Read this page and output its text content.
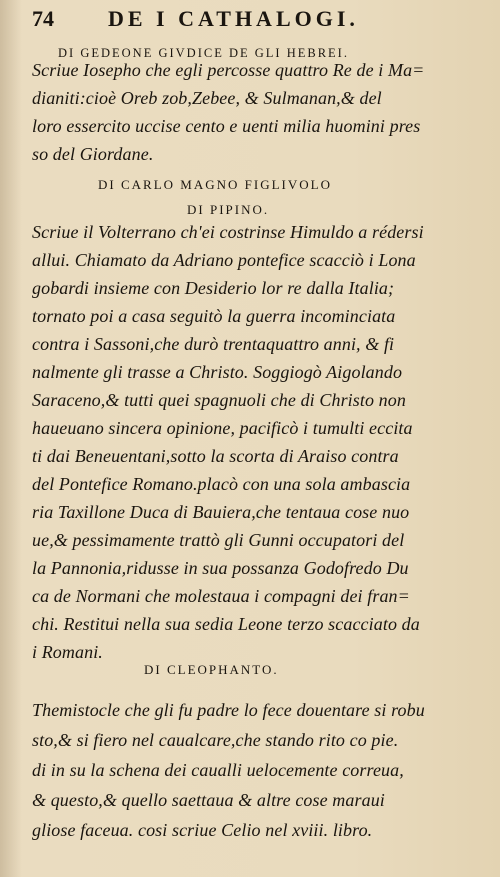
74 DE I CATHALOGI.
DI GEDEONE GIVDICE DE GLI HEBREI.
Scriue Iosepho che egli percosse quattro Re de i Ma=
dianiti:cioè Oreb zob,Zebee, & Sulmanan,& del
loro essercito uccise cento e uenti milia huomini pres
so del Giordane.
DI CARLO MAGNO FIGLIVOLO
DI PIPINO.
Scriue il Volterrano ch'ei costrinse Himuldo a rédersi
allui. Chiamato da Adriano pontefice scacciò i Lona
gobardi insieme con Desiderio lor re dalla Italia;
tornato poi a casa seguitò la guerra incominciata
contra i Sassoni,che durò trentaquattro anni, & fi
nalmente gli trasse a Christo. Soggiogò Aigolando
Saraceno,& tutti quei spagnuoli che di Christo non
haueuano sincera opinione, pacificò i tumulti eccita
ti dai Beneuentani,sotto la scorta di Araiso contra
del Pontefice Romano.placò con una sola ambascia
ria Taxillone Duca di Bauiera,che tentaua cose nuo
ue,& pessimamente trattò gli Gunni occupatori del
la Pannonia,ridusse in sua possanza Godofredo Du
ca de Normani che molestaua i compagni dei fran=
chi. Restitui nella sua sedia Leone terzo scacciato da
i Romani.
DI CLEOPHANTO.
Themistocle che gli fu padre lo fece douentare si robu
sto,& si fiero nel caualcare,che stando rito co pie.
di in su la schena dei caualli uelocemente correua,
& questo,& quello saettaua & altre cose maraui
gliose faceua. cosi scriue Celio nel xviii. libro.
